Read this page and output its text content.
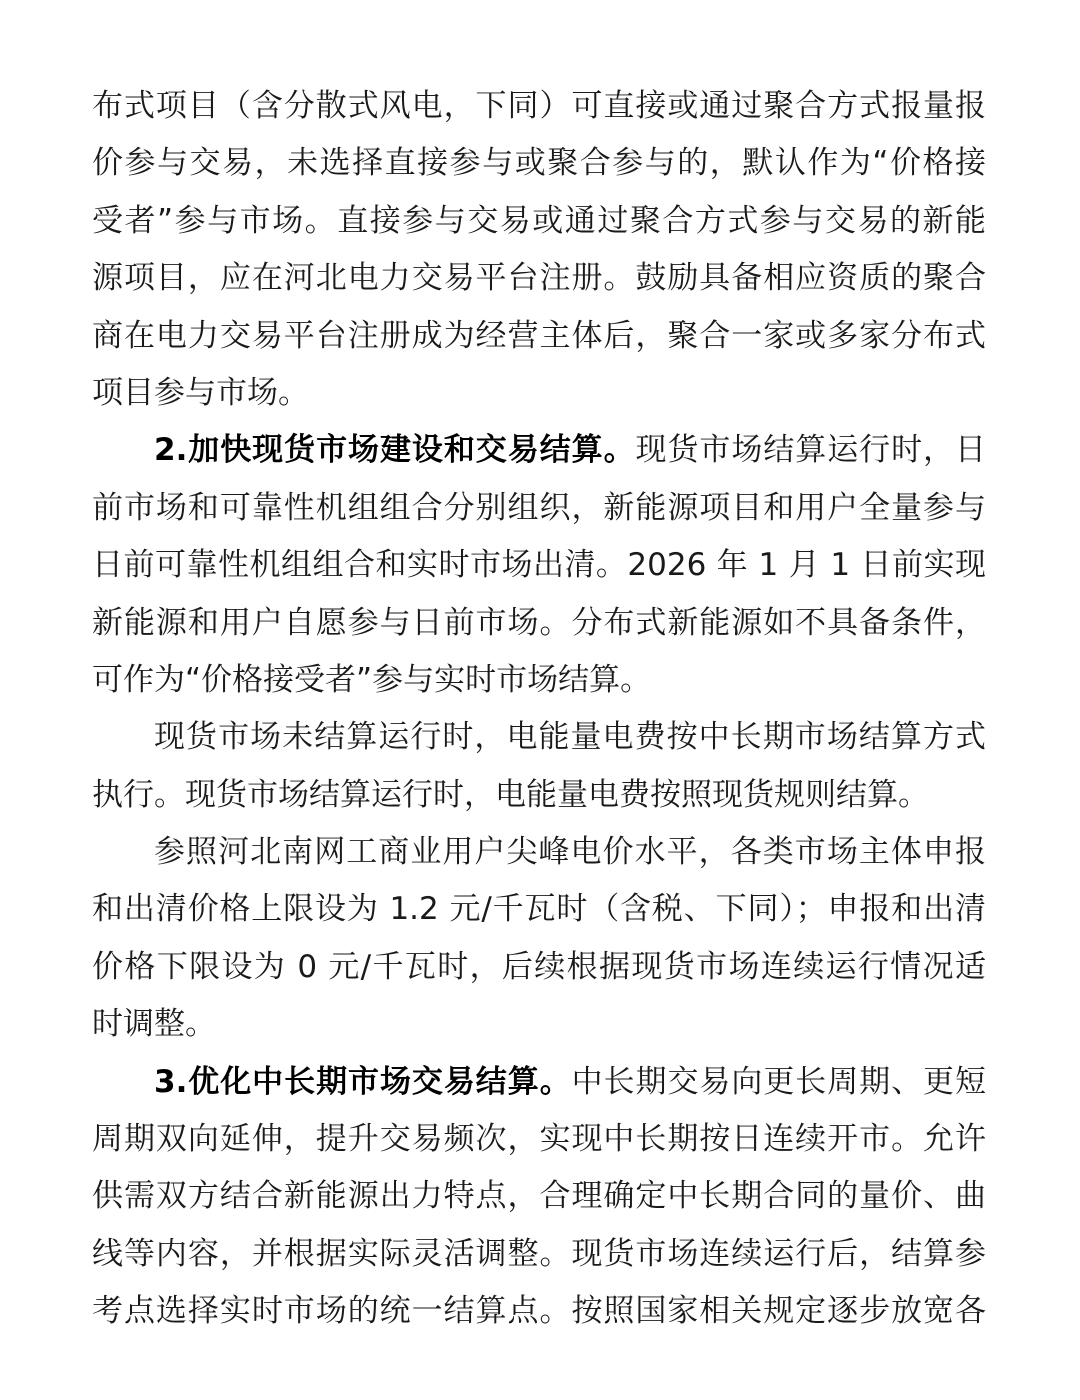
布式项目（含分散式风电，下同）可直接或通过聚合方式报量报
价参与交易，未选择直接参与或聚合参与的，默认作为“价格接
受者”参与市场。直接参与交易或通过聚合方式参与交易的新能
源项目，应在河北电力交易平台注册。鼓励具备相应资质的聚合
商在电力交易平台注册成为经营主体后，聚合一家或多家分布式
项目参与市场。
2.加快现货市场建设和交易结算。现货市场结算运行时，日
前市场和可靠性机组组合分别组织，新能源项目和用户全量参与
日前可靠性机组组合和实时市场出清。2026 年 1 月 1 日前实现
新能源和用户自愿参与日前市场。分布式新能源如不具备条件，
可作为“价格接受者”参与实时市场结算。
现货市场未结算运行时，电能量电费按中长期市场结算方式
执行。现货市场结算运行时，电能量电费按照现货规则结算。
参照河北南网工商业用户尖峰电价水平，各类市场主体申报
和出清价格上限设为 1.2 元/千瓦时（含税、下同）；申报和出清
价格下限设为 0 元/千瓦时，后续根据现货市场连续运行情况适
时调整。
3.优化中长期市场交易结算。中长期交易向更长周期、更短
周期双向延伸，提升交易频次，实现中长期按日连续开市。允许
供需双方结合新能源出力特点，合理确定中长期合同的量价、曲
线等内容，并根据实际灵活调整。现货市场连续运行后，结算参
考点选择实时市场的统一结算点。按照国家相关规定逐步放宽各
